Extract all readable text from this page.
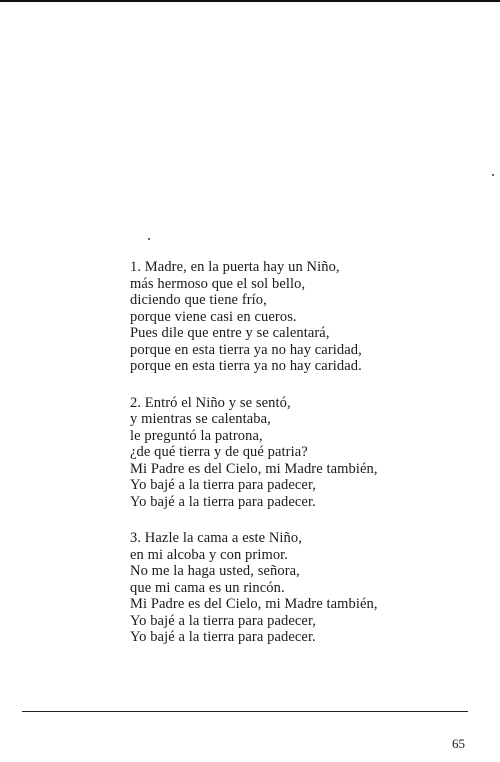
1. Madre, en la puerta hay un Niño,
más hermoso que el sol bello,
diciendo que tiene frío,
porque viene casi en cueros.
Pues dile que entre y se calentará,
porque en esta tierra ya no hay caridad,
porque en esta tierra ya no hay caridad.
2. Entró el Niño y se sentó,
y mientras se calentaba,
le preguntó la patrona,
¿de qué tierra y de qué patria?
Mi Padre es del Cielo, mi Madre también,
Yo bajé a la tierra para padecer,
Yo bajé a la tierra para padecer.
3. Hazle la cama a este Niño,
en mi alcoba y con primor.
No me la haga usted, señora,
que mi cama es un rincón.
Mi Padre es del Cielo, mi Madre también,
Yo bajé a la tierra para padecer,
Yo bajé a la tierra para padecer.
65
